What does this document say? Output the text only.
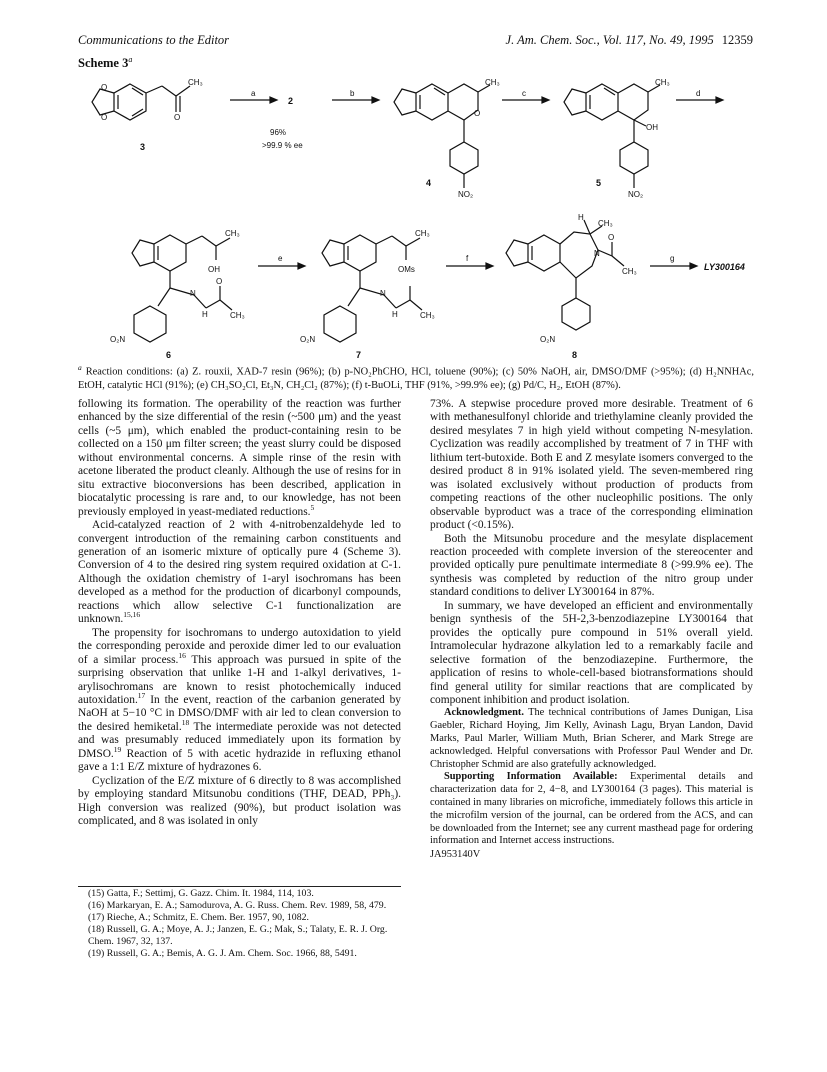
Communications to the Editor	J. Am. Chem. Soc., Vol. 117, No. 49, 1995 12359
Scheme 3$^a$
O
O	O
CH₃
3
a
2
96%
>99.9 % ee
b
CH₃
O
NO₂
4
c
CH₃
OH
NO₂
5
d
CH₃
OH
N
H
O
CH₃
O₂N
6
e
CH₃
OMs
N
H	CH₃
O₂N
7
f
H
CH₃
N
O
CH₃
O₂N
8
g
LY300164
$^a$ Reaction conditions: (a) Z. rouxii, XAD-7 resin (96%); (b) p-NO₂PhCHO, HCl, toluene (90%); (c) 50% NaOH, air, DMSO/DMF (>95%); (d) H₂NNHAc, EtOH, catalytic HCl (91%); (e) CH₃SO₂Cl, Et₃N, CH₂Cl₂ (87%); (f) t-BuOLi, THF (91%, >99.9% ee); (g) Pd/C, H₂, EtOH (87%).

following its formation. The operability of the reaction was further enhanced by the size differential of the resin (~500 μm) and the yeast cells (~5 μm), which enabled the product-containing resin to be collected on a 150 μm filter screen; the yeast slurry could be disposed without environmental concerns. A simple rinse of the resin with acetone liberated the product cleanly. Although the use of resins for in situ extractive bioconversions has been described, application in biocatalytic processing is rare and, to our knowledge, has not been previously employed in yeast-mediated reductions.$^5$

Acid-catalyzed reaction of 2 with 4-nitrobenzaldehyde led to convergent introduction of the remaining carbon constituents and generation of an isomeric mixture of optically pure 4 (Scheme 3). Conversion of 4 to the desired ring system required oxidation at C-1. Although the oxidation chemistry of 1-aryl isochromans has been developed as a method for the production of dicarbonyl compounds, reactions which allow selective C-1 functionalization are unknown.$^{15,16}$

The propensity for isochromans to undergo autoxidation to yield the corresponding peroxide and peroxide dimer led to our evaluation of a similar process.$^{16}$ This approach was pursued in spite of the surprising observation that unlike 1-H and 1-alkyl derivatives, 1-arylisochromans are known to resist photochemically induced autoxidation.$^{17}$ In the event, reaction of the carbanion generated by NaOH at 5−10 °C in DMSO/DMF with air led to clean conversion to the desired hemiketal.$^{18}$ The intermediate peroxide was not detected and was presumably reduced immediately upon its formation by DMSO.$^{19}$ Reaction of 5 with acetic hydrazide in refluxing ethanol gave a 1:1 E/Z mixture of hydrazones 6.

Cyclization of the E/Z mixture of 6 directly to 8 was accomplished by employing standard Mitsunobu conditions (THF, DEAD, PPh₃). High conversion was realized (90%), but product isolation was complicated, and 8 was isolated in only

(15) Gatta, F.; Settimj, G. Gazz. Chim. It. 1984, 114, 103.
(16) Markaryan, E. A.; Samodurova, A. G. Russ. Chem. Rev. 1989, 58, 479.
(17) Rieche, A.; Schmitz, E. Chem. Ber. 1957, 90, 1082.
(18) Russell, G. A.; Moye, A. J.; Janzen, E. G.; Mak, S.; Talaty, E. R. J. Org. Chem. 1967, 32, 137.
(19) Russell, G. A.; Bemis, A. G. J. Am. Chem. Soc. 1966, 88, 5491.

73%. A stepwise procedure proved more desirable. Treatment of 6 with methanesulfonyl chloride and triethylamine cleanly provided the desired mesylates 7 in high yield without competing N-mesylation. Cyclization was readily accomplished by treatment of 7 in THF with lithium tert-butoxide. Both E and Z mesylate isomers converged to the desired product 8 in 91% isolated yield. The seven-membered ring was isolated exclusively without production of products from competing reactions of the other nucleophilic positions. The only observable byproduct was a trace of the corresponding elimination product (<0.15%).

Both the Mitsunobu procedure and the mesylate displacement reaction proceeded with complete inversion of the stereocenter and provided optically pure penultimate intermediate 8 (>99.9% ee). The synthesis was completed by reduction of the nitro group under standard conditions to deliver LY300164 in 87%.

In summary, we have developed an efficient and environmentally benign synthesis of the 5H-2,3-benzodiazepine LY300164 that provides the optically pure compound in 51% overall yield. Intramolecular hydrazone alkylation led to a remarkably facile and selective formation of the benzodiazepine. Furthermore, the application of resins to whole-cell-based biotransformations should find general utility for similar reactions that are complicated by component inhibition and product isolation.

Acknowledgment. The technical contributions of James Dunigan, Lisa Gaebler, Richard Hoying, Jim Kelly, Avinash Lagu, Bryan Landon, David Marks, Paul Marler, William Muth, Brian Scherer, and Mark Strege are acknowledged. Helpful conversations with Professor Paul Wender and Dr. Christopher Schmid are also gratefully acknowledged.

Supporting Information Available: Experimental details and characterization data for 2, 4−8, and LY300164 (3 pages). This material is contained in many libraries on microfiche, immediately follows this article in the microfilm version of the journal, can be ordered from the ACS, and can be downloaded from the Internet; see any current masthead page for ordering information and Internet access instructions.

JA953140V
